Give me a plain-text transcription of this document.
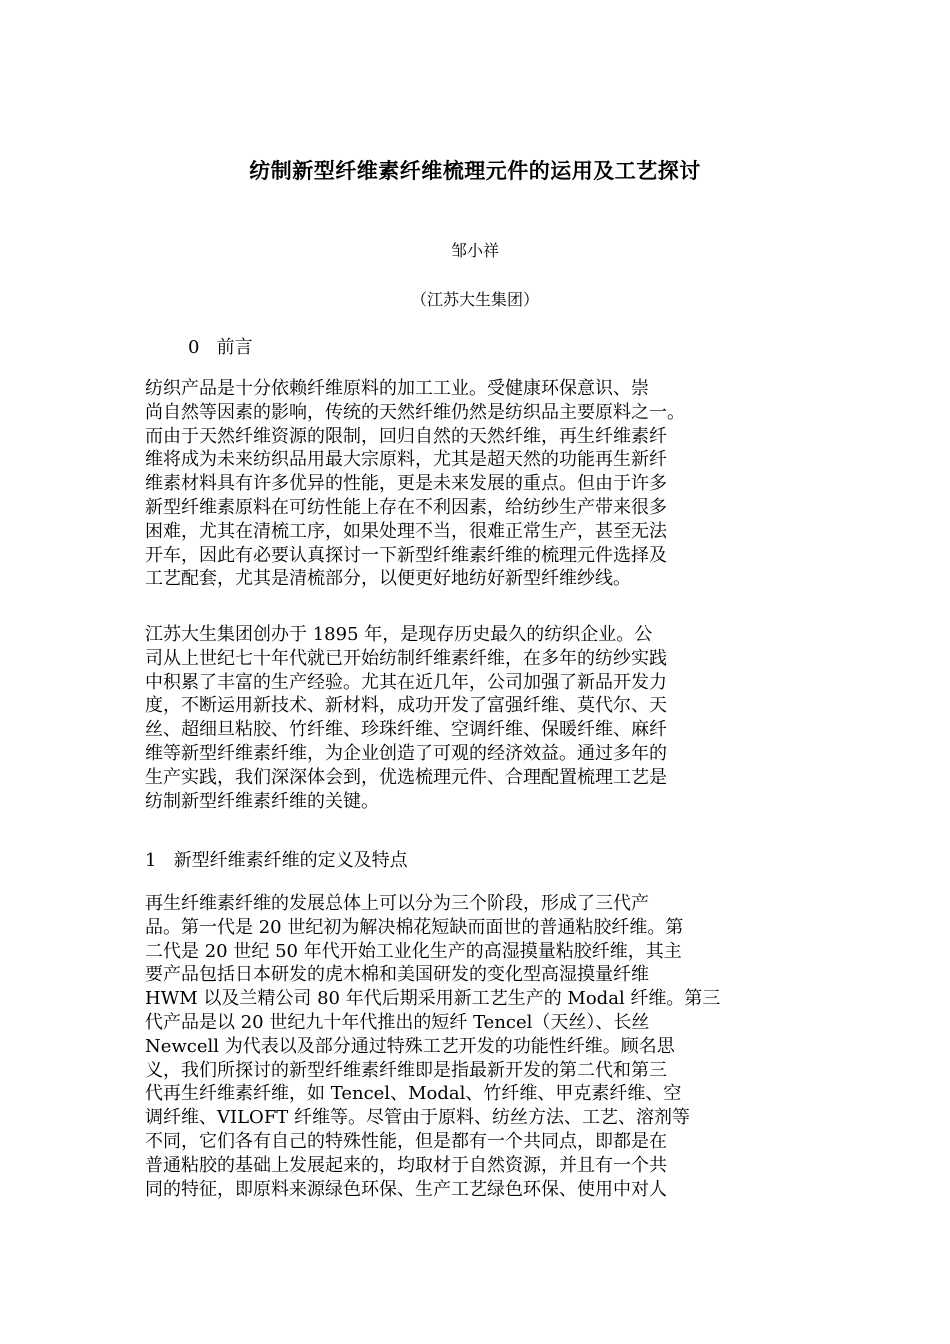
纺制新型纤维素纤维梳理元件的运用及工艺探讨
邹小祥
（江苏大生集团）
0   前言
纺织产品是十分依赖纤维原料的加工工业。受健康环保意识、崇
尚自然等因素的影响，传统的天然纤维仍然是纺织品主要原料之一。
而由于天然纤维资源的限制，回归自然的天然纤维，再生纤维素纤
维将成为未来纺织品用最大宗原料，尤其是超天然的功能再生新纤
维素材料具有许多优异的性能，更是未来发展的重点。但由于许多
新型纤维素原料在可纺性能上存在不利因素，给纺纱生产带来很多
困难，尤其在清梳工序，如果处理不当，很难正常生产，甚至无法
开车，因此有必要认真探讨一下新型纤维素纤维的梳理元件选择及
工艺配套，尤其是清梳部分，以便更好地纺好新型纤维纱线。
江苏大生集团创办于 1895 年，是现存历史最久的纺织企业。公
司从上世纪七十年代就已开始纺制纤维素纤维，在多年的纺纱实践
中积累了丰富的生产经验。尤其在近几年，公司加强了新品开发力
度，不断运用新技术、新材料，成功开发了富强纤维、莫代尔、天
丝、超细旦粘胶、竹纤维、珍珠纤维、空调纤维、保暖纤维、麻纤
维等新型纤维素纤维，为企业创造了可观的经济效益。通过多年的
生产实践，我们深深体会到，优选梳理元件、合理配置梳理工艺是
纺制新型纤维素纤维的关键。
1   新型纤维素纤维的定义及特点
再生纤维素纤维的发展总体上可以分为三个阶段，形成了三代产
品。第一代是 20 世纪初为解决棉花短缺而面世的普通粘胶纤维。第
二代是 20 世纪 50 年代开始工业化生产的高湿摸量粘胶纤维，其主
要产品包括日本研发的虎木棉和美国研发的变化型高湿摸量纤维
HWM 以及兰精公司 80 年代后期采用新工艺生产的 Modal 纤维。第三
代产品是以 20 世纪九十年代推出的短纤 Tencel（天丝）、长丝
Newcell 为代表以及部分通过特殊工艺开发的功能性纤维。顾名思
义，我们所探讨的新型纤维素纤维即是指最新开发的第二代和第三
代再生纤维素纤维，如 Tencel、Modal、竹纤维、甲克素纤维、空
调纤维、VILOFT 纤维等。尽管由于原料、纺丝方法、工艺、溶剂等
不同，它们各有自己的特殊性能，但是都有一个共同点，即都是在
普通粘胶的基础上发展起来的，均取材于自然资源，并且有一个共
同的特征，即原料来源绿色环保、生产工艺绿色环保、使用中对人
